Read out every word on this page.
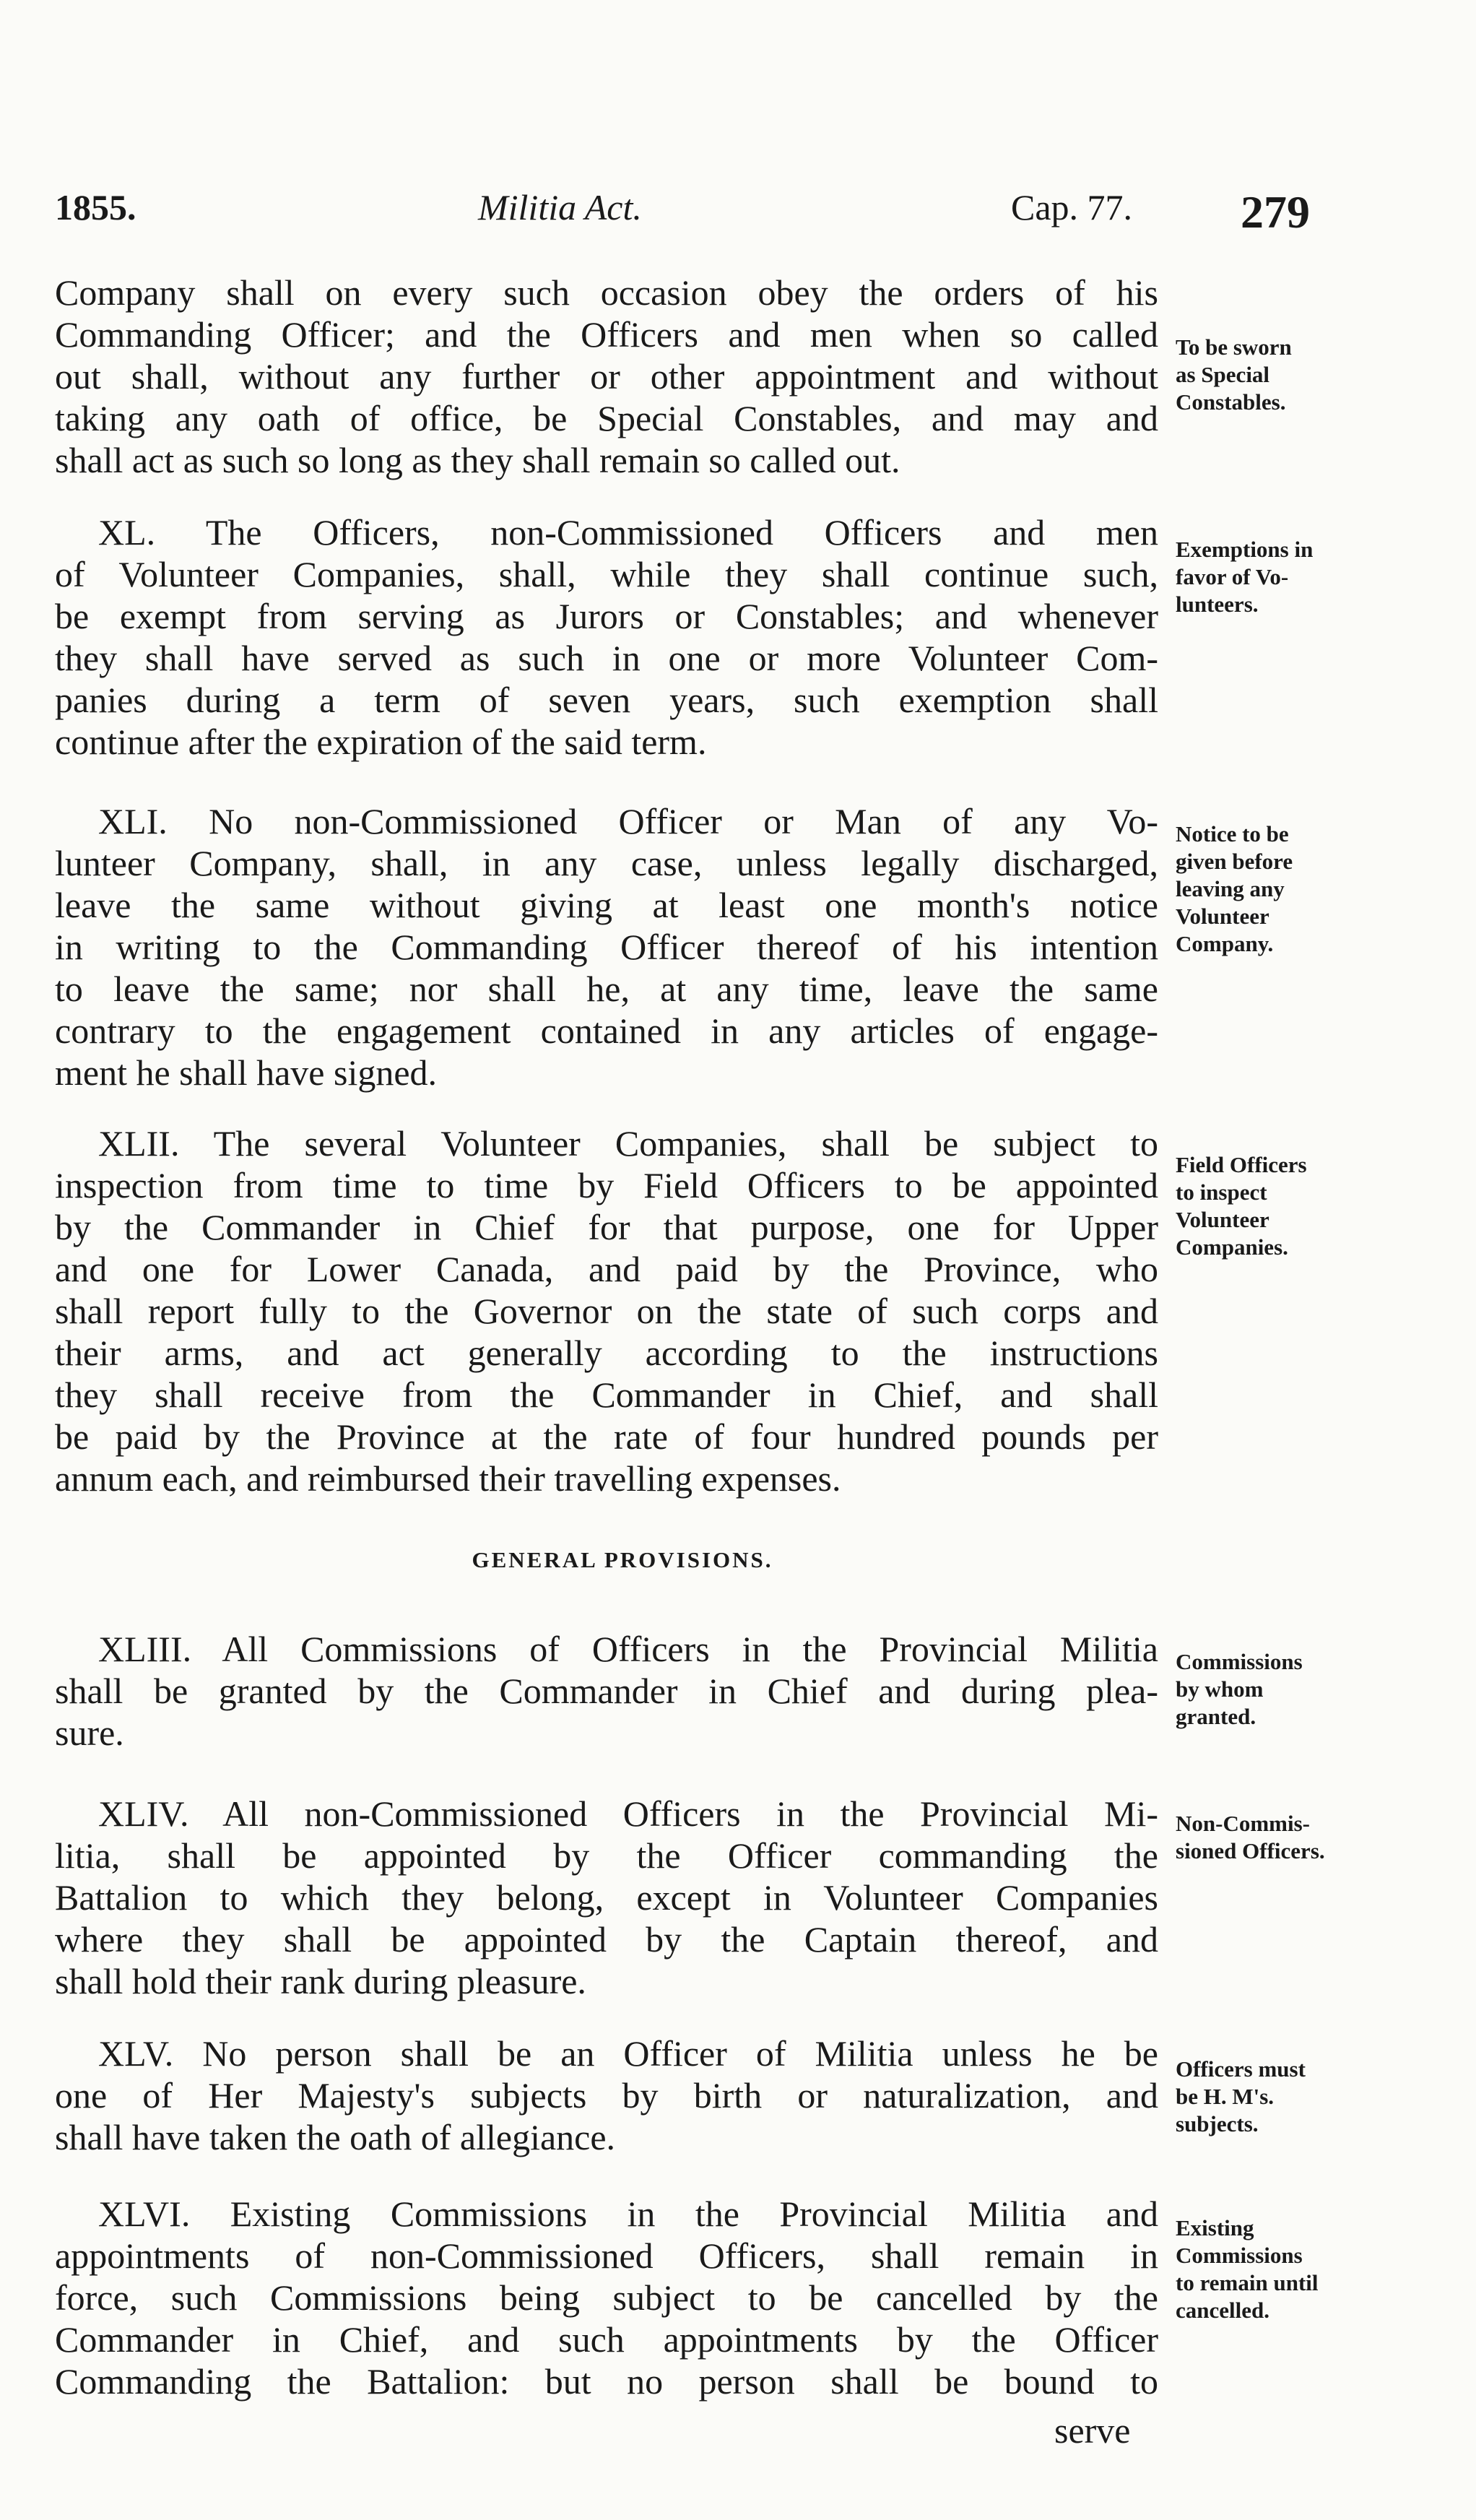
1855.	Militia Act.	Cap. 77. 279
Company shall on every such occasion obey the orders of his
Commanding Officer; and the Officers and men when so called
out shall, without any further or other appointment and without
taking any oath of office, be Special Constables, and may and
shall act as such so long as they shall remain so called out.
To be sworn
as Special
Constables.
XL. The Officers, non-Commissioned Officers and men
of Volunteer Companies, shall, while they shall continue such,
be exempt from serving as Jurors or Constables; and whenever
they shall have served as such in one or more Volunteer Com-
panies during a term of seven years, such exemption shall
continue after the expiration of the said term.
Exemptions in
favor of Vo-
lunteers.
XLI. No non-Commissioned Officer or Man of any Vo-
lunteer Company, shall, in any case, unless legally discharged,
leave the same without giving at least one month's notice
in writing to the Commanding Officer thereof of his intention
to leave the same; nor shall he, at any time, leave the same
contrary to the engagement contained in any articles of engage-
ment he shall have signed.
Notice to be
given before
leaving any
Volunteer
Company.
XLII. The several Volunteer Companies, shall be subject to
inspection from time to time by Field Officers to be appointed
by the Commander in Chief for that purpose, one for Upper
and one for Lower Canada, and paid by the Province, who
shall report fully to the Governor on the state of such corps and
their arms, and act generally according to the instructions
they shall receive from the Commander in Chief, and shall
be paid by the Province at the rate of four hundred pounds per
annum each, and reimbursed their travelling expenses.
Field Officers
to inspect
Volunteer
Companies.
GENERAL PROVISIONS.
XLIII. All Commissions of Officers in the Provincial Militia
shall be granted by the Commander in Chief and during plea-
sure.
Commissions
by whom
granted.
XLIV. All non-Commissioned Officers in the Provincial Mi-
litia, shall be appointed by the Officer commanding the
Battalion to which they belong, except in Volunteer Companies
where they shall be appointed by the Captain thereof, and
shall hold their rank during pleasure.
Non-Commis-
sioned Officers.
XLV. No person shall be an Officer of Militia unless he be
one of Her Majesty's subjects by birth or naturalization, and
shall have taken the oath of allegiance.
Officers must
be H. M's.
subjects.
XLVI. Existing Commissions in the Provincial Militia and
appointments of non-Commissioned Officers, shall remain in
force, such Commissions being subject to be cancelled by the
Commander in Chief, and such appointments by the Officer
Commanding the Battalion: but no person shall be bound to
Existing
Commissions
to remain until
cancelled.
serve
